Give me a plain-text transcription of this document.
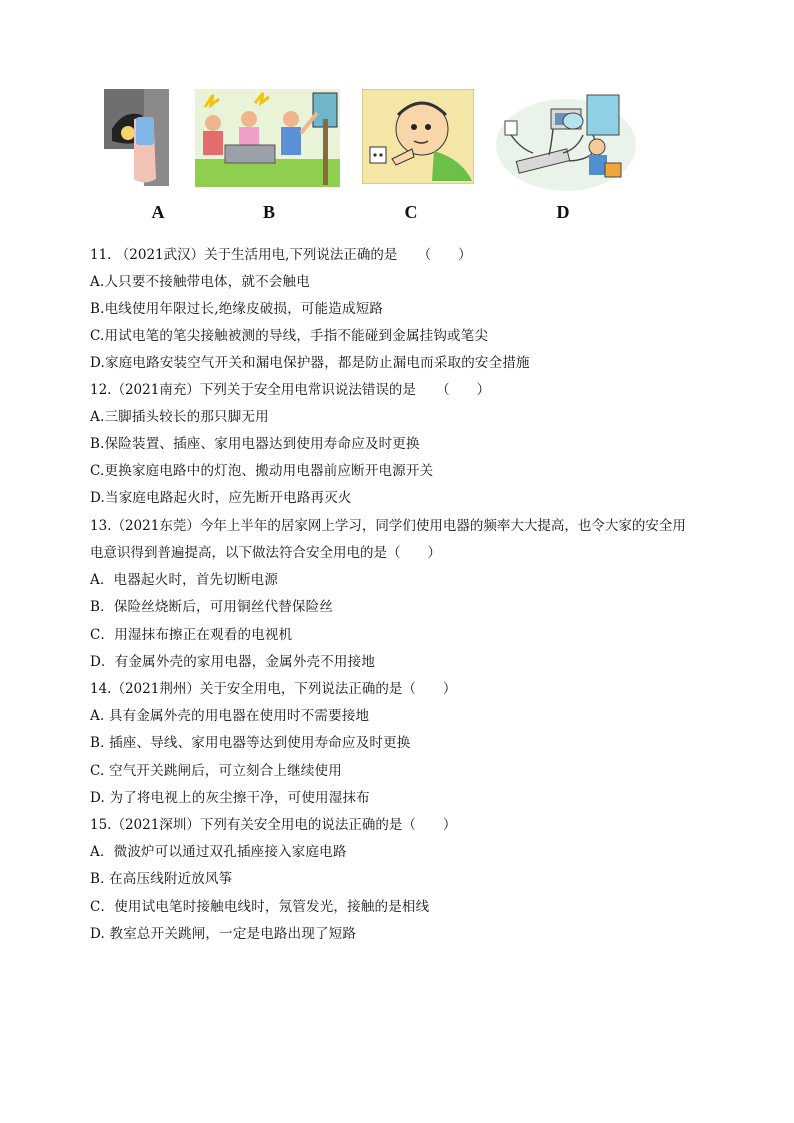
A	B	C	D
11. （2021武汉）关于生活用电,下列说法正确的是　　（　　）
A.人只要不接触带电体，就不会触电
B.电线使用年限过长,绝缘皮破损，可能造成短路
C.用试电笔的笔尖接触被测的导线，手指不能碰到金属挂钩或笔尖
D.家庭电路安装空气开关和漏电保护器，都是防止漏电而采取的安全措施
12.（2021南充）下列关于安全用电常识说法错误的是　　（　　）
A.三脚插头较长的那只脚无用
B.保险装置、插座、家用电器达到使用寿命应及时更换
C.更换家庭电路中的灯泡、搬动用电器前应断开电源开关
D.当家庭电路起火时，应先断开电路再灭火
13.（2021东莞）今年上半年的居家网上学习，同学们使用电器的频率大大提高，也令大家的安全用
电意识得到普遍提高，以下做法符合安全用电的是（　　）
A．电器起火时，首先切断电源
B．保险丝烧断后，可用铜丝代替保险丝
C．用湿抹布擦正在观看的电视机
D．有金属外壳的家用电器，金属外壳不用接地
14.（2021荆州）关于安全用电，下列说法正确的是（　　）
A. 具有金属外壳的用电器在使用时不需要接地
B. 插座、导线、家用电器等达到使用寿命应及时更换
C. 空气开关跳闸后，可立刻合上继续使用
D. 为了将电视上的灰尘擦干净，可使用湿抹布
15.（2021深圳）下列有关安全用电的说法正确的是（　　）
A．微波炉可以通过双孔插座接入家庭电路
B. 在高压线附近放风筝
C．使用试电笔时接触电线时，氖管发光，接触的是相线
D. 教室总开关跳闸，一定是电路出现了短路
